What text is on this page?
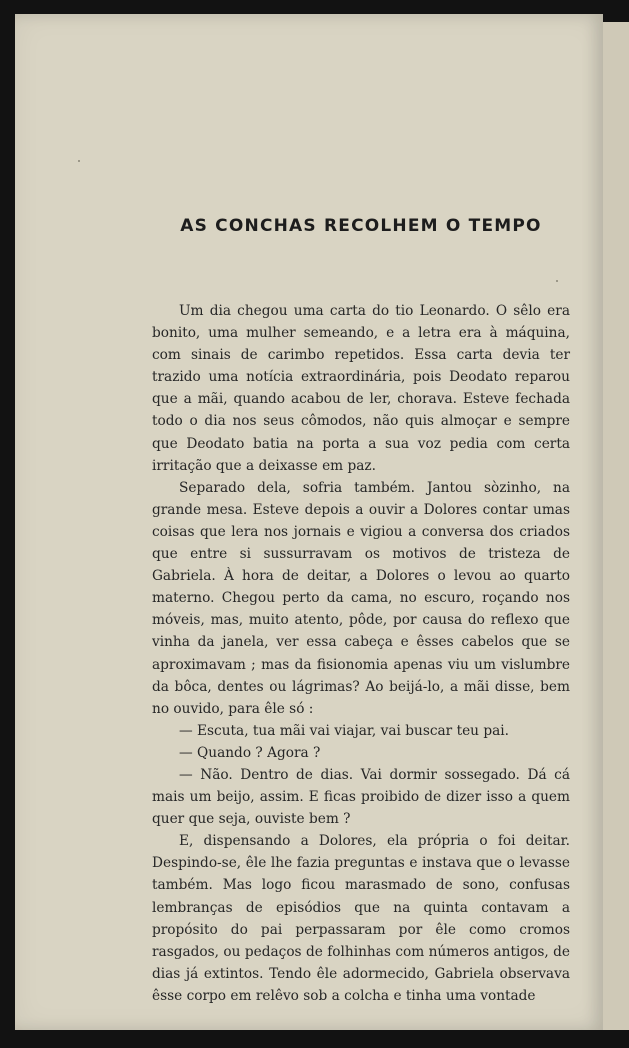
AS CONCHAS RECOLHEM O TEMPO

Um dia chegou uma carta do tio Leonardo. O sêlo era bonito, uma mulher semeando, e a letra era à máquina, com sinais de carimbo repetidos. Essa carta devia ter trazido uma notícia extraordinária, pois Deodato reparou que a mãi, quando acabou de ler, chorava. Esteve fechada todo o dia nos seus cômodos, não quis almoçar e sempre que Deodato batia na porta a sua voz pedia com certa irritação que a deixasse em paz.

Separado dela, sofria também. Jantou sòzinho, na grande mesa. Esteve depois a ouvir a Dolores contar umas coisas que lera nos jornais e vigiou a conversa dos criados que entre si sussurravam os motivos de tristeza de Gabriela. À hora de deitar, a Dolores o levou ao quarto materno. Chegou perto da cama, no escuro, roçando nos móveis, mas, muito atento, pôde, por causa do reflexo que vinha da janela, ver essa cabeça e êsses cabelos que se aproximavam ; mas da fisionomia apenas viu um vislumbre da bôca, dentes ou lágrimas? Ao beijá-lo, a mãi disse, bem no ouvido, para êle só :

— Escuta, tua mãi vai viajar, vai buscar teu pai.

— Quando ? Agora ?

— Não. Dentro de dias. Vai dormir sossegado. Dá cá mais um beijo, assim. E ficas proibido de dizer isso a quem quer que seja, ouviste bem ?

E, dispensando a Dolores, ela própria o foi deitar. Despindo-se, êle lhe fazia preguntas e instava que o levasse também. Mas logo ficou marasmado de sono, confusas lembranças de episódios que na quinta contavam a propósito do pai perpassaram por êle como cromos rasgados, ou pedaços de folhinhas com números antigos, de dias já extintos. Tendo êle adormecido, Gabriela observava êsse corpo em relêvo sob a colcha e tinha uma vontade
